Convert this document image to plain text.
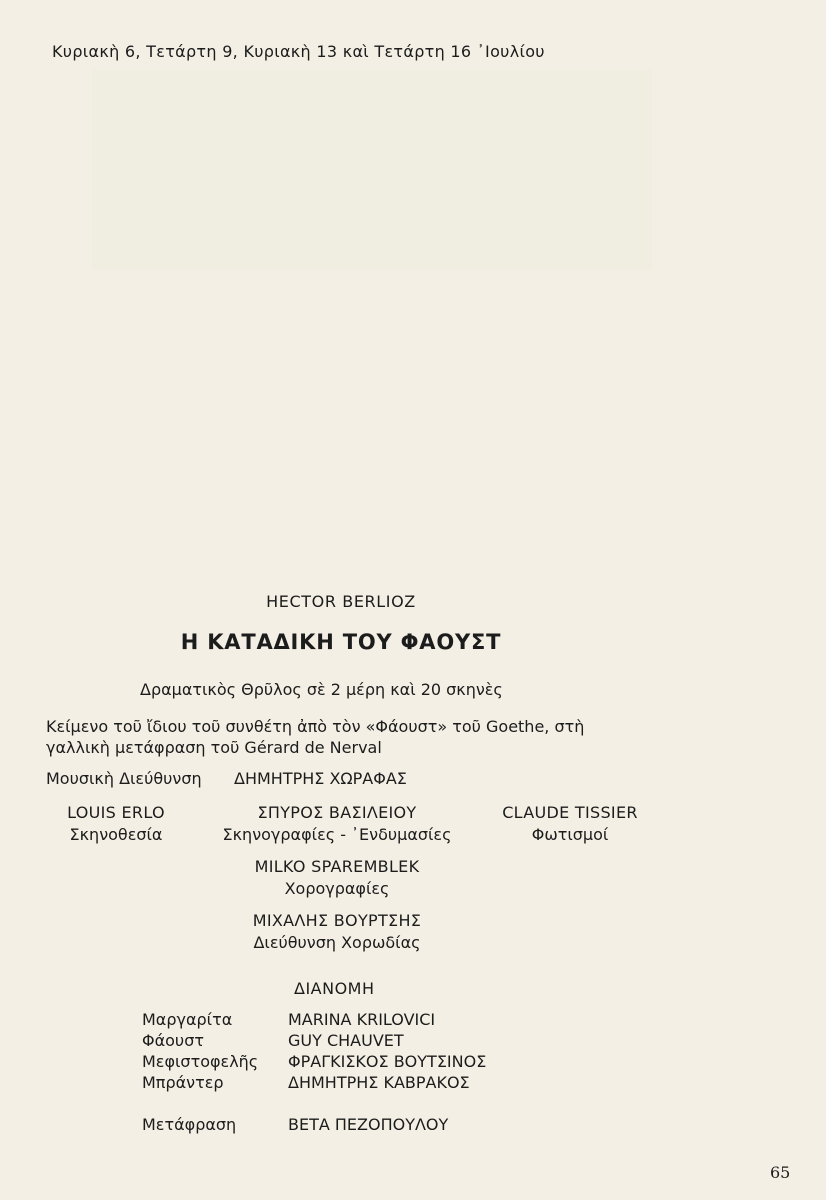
Κυριακὴ 6, Τετάρτη 9, Κυριακὴ 13 καὶ Τετάρτη 16 ᾿Ιουλίου
HECTOR BERLIOZ
Η ΚΑΤΑΔΙΚΗ ΤΟΥ ΦΑΟΥΣΤ
Δραματικὸς Θρῦλος σὲ 2 μέρη καὶ 20 σκηνὲς
Κείμενο τοῦ ἴδιου τοῦ συνθέτη ἀπὸ τὸν «Φάουστ» τοῦ Goethe, στὴ
γαλλικὴ μετάφραση τοῦ Gérard de Nerval
Μουσικὴ Διεύθυνση ΔΗΜΗΤΡΗΣ ΧΩΡΑΦΑΣ
LOUIS ERLO
Σκηνοθεσία
ΣΠΥΡΟΣ ΒΑΣΙΛΕΙΟΥ
Σκηνογραφίες - ᾿Ενδυμασίες
CLAUDE TISSIER
Φωτισμοί
MILKO SPAREMBLEK
Χορογραφίες
ΜΙΧΑΛΗΣ ΒΟΥΡΤΣΗΣ
Διεύθυνση Χορωδίας
ΔΙΑΝΟΜΗ
Μαργαρίτα	MARINA KRILOVICI
Φάουστ	GUY CHAUVET
Μεφιστοφελῆς ΦΡΑΓΚΙΣΚΟΣ ΒΟΥΤΣΙΝΟΣ
Μπράντερ	ΔΗΜΗΤΡΗΣ ΚΑΒΡΑΚΟΣ
Μετάφραση	ΒΕΤΑ ΠΕΖΟΠΟΥΛΟΥ
65
